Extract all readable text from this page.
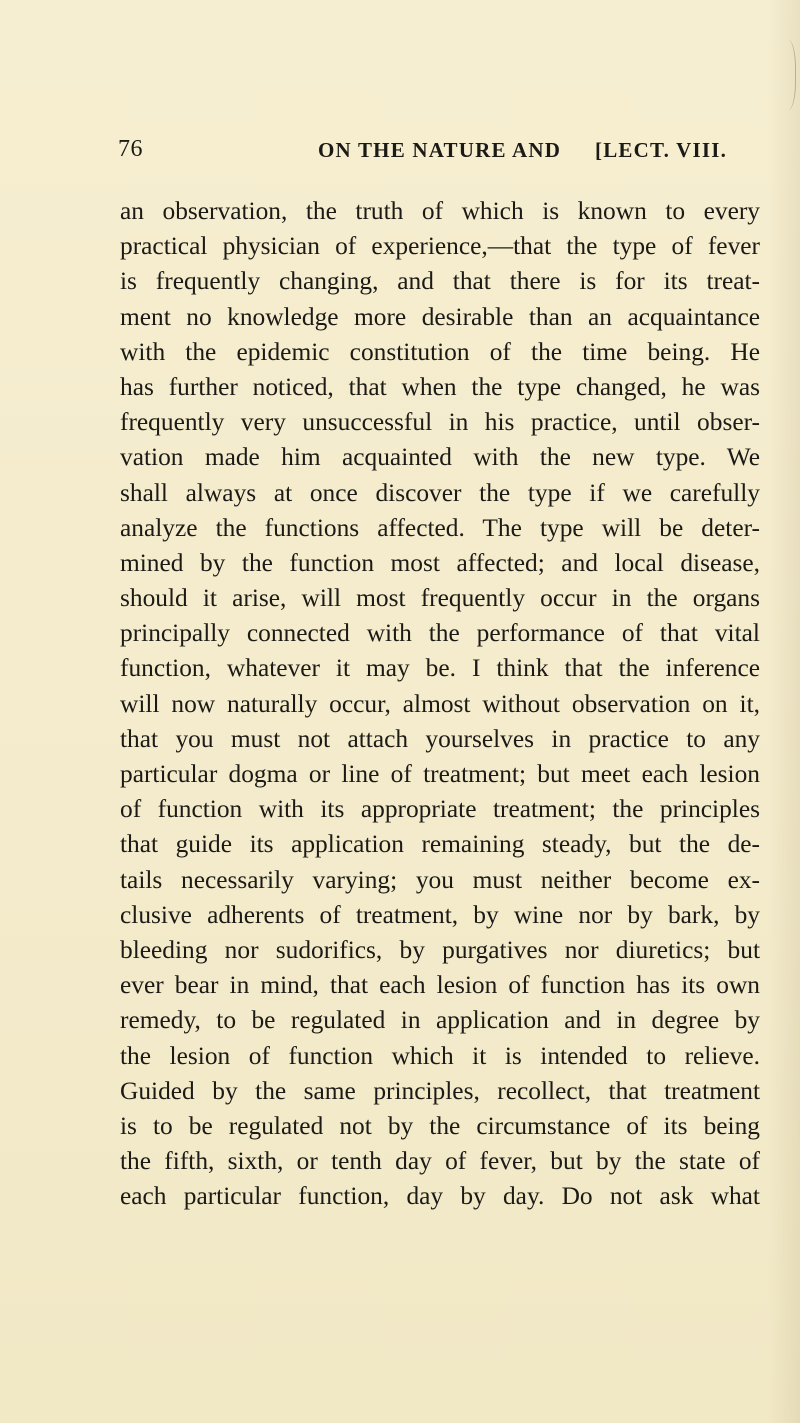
76	ON THE NATURE AND [LECT. VIII.
an observation, the truth of which is known to every
practical physician of experience,—that the type of fever
is frequently changing, and that there is for its treat-
ment no knowledge more desirable than an acquaintance
with the epidemic constitution of the time being. He
has further noticed, that when the type changed, he was
frequently very unsuccessful in his practice, until obser-
vation made him acquainted with the new type. We
shall always at once discover the type if we carefully
analyze the functions affected. The type will be deter-
mined by the function most affected; and local disease,
should it arise, will most frequently occur in the organs
principally connected with the performance of that vital
function, whatever it may be. I think that the inference
will now naturally occur, almost without observation on it,
that you must not attach yourselves in practice to any
particular dogma or line of treatment; but meet each lesion
of function with its appropriate treatment; the principles
that guide its application remaining steady, but the de-
tails necessarily varying; you must neither become ex-
clusive adherents of treatment, by wine nor by bark, by
bleeding nor sudorifics, by purgatives nor diuretics; but
ever bear in mind, that each lesion of function has its own
remedy, to be regulated in application and in degree by
the lesion of function which it is intended to relieve.
Guided by the same principles, recollect, that treatment
is to be regulated not by the circumstance of its being
the fifth, sixth, or tenth day of fever, but by the state of
each particular function, day by day. Do not ask what
